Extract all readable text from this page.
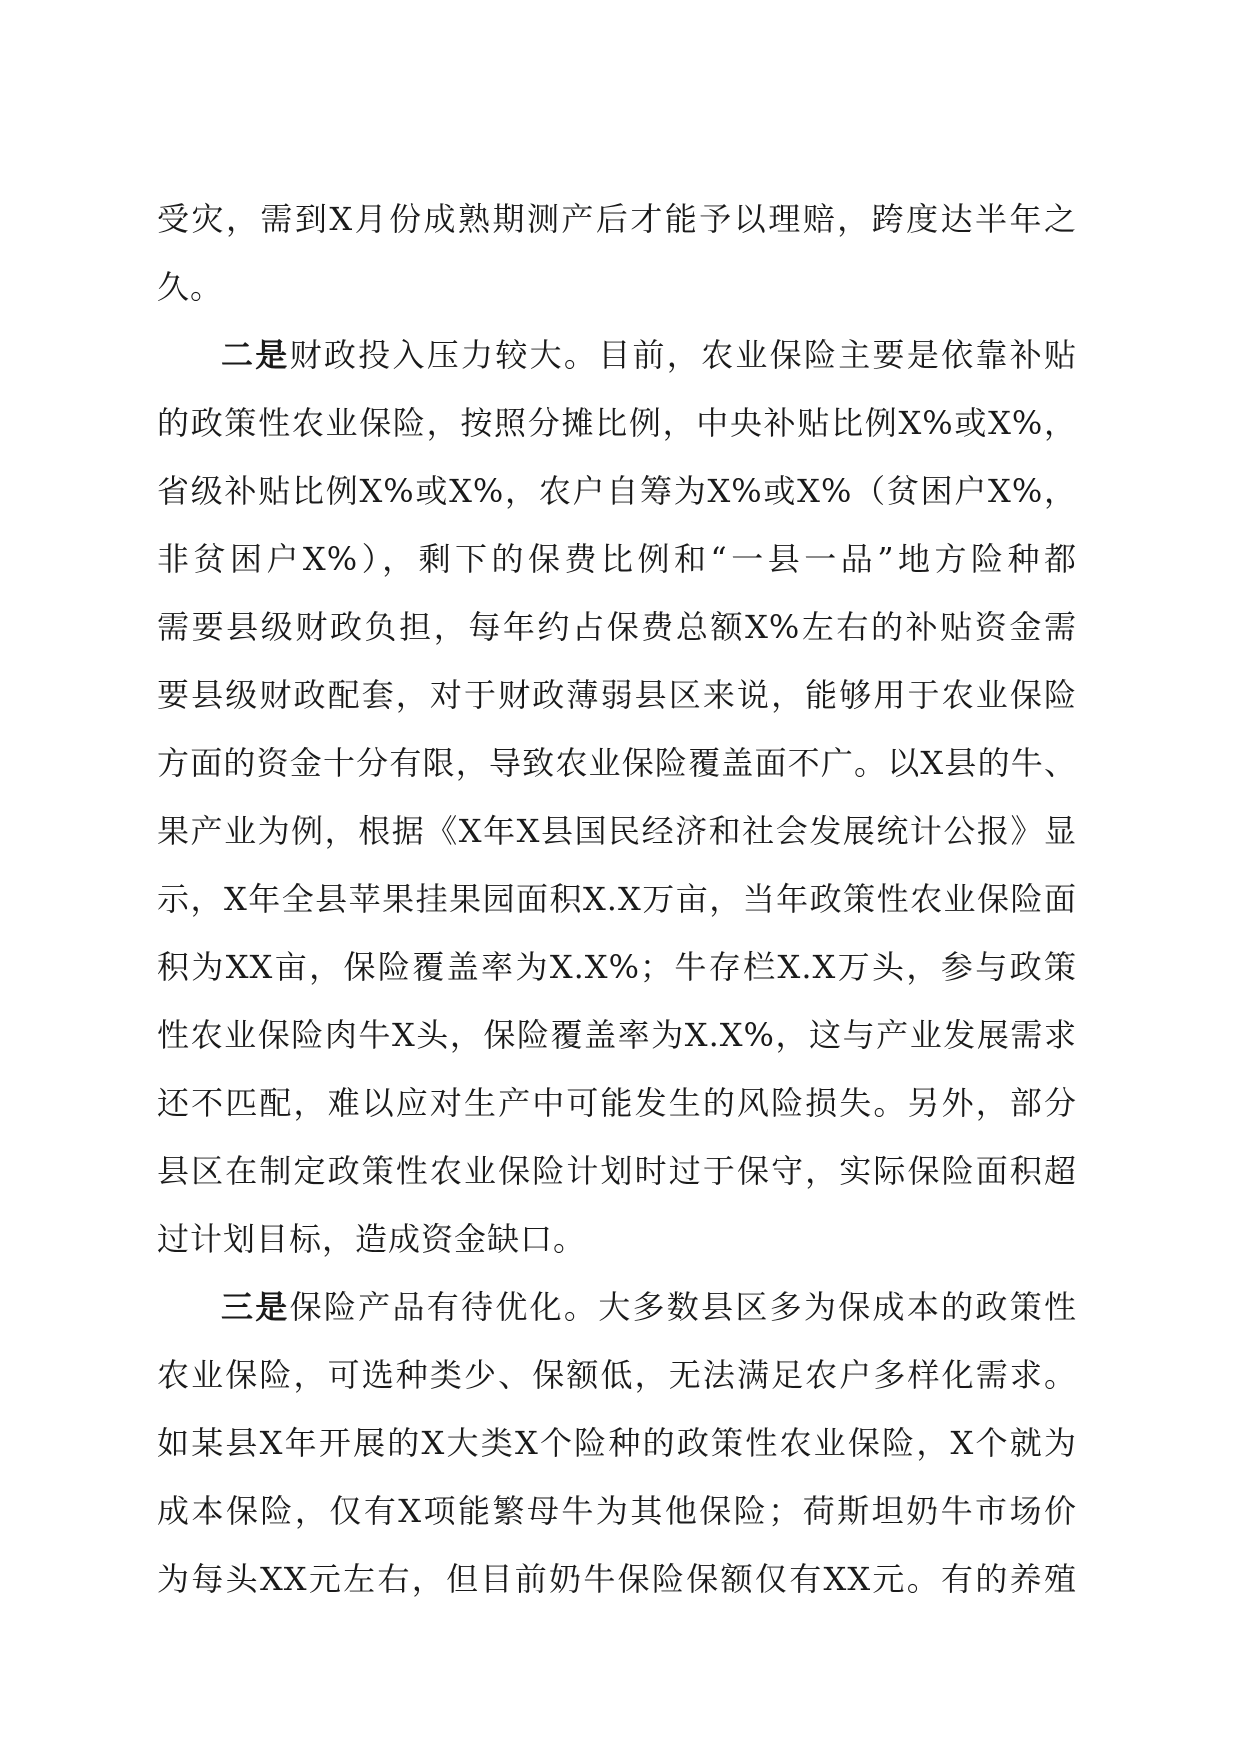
受灾，需到X月份成熟期测产后才能予以理赔，跨度达半年之
久。
二是财政投入压力较大。目前，农业保险主要是依靠补贴
的政策性农业保险，按照分摊比例，中央补贴比例X%或X%，
省级补贴比例X%或X%，农户自筹为X%或X%（贫困户X%，
非贫困户X%），剩下的保费比例和“一县一品”地方险种都
需要县级财政负担，每年约占保费总额X%左右的补贴资金需
要县级财政配套，对于财政薄弱县区来说，能够用于农业保险
方面的资金十分有限，导致农业保险覆盖面不广。以X县的牛、
果产业为例，根据《X年X县国民经济和社会发展统计公报》显
示，X年全县苹果挂果园面积X.X万亩，当年政策性农业保险面
积为XX亩，保险覆盖率为X.X%；牛存栏X.X万头，参与政策
性农业保险肉牛X头，保险覆盖率为X.X%，这与产业发展需求
还不匹配，难以应对生产中可能发生的风险损失。另外，部分
县区在制定政策性农业保险计划时过于保守，实际保险面积超
过计划目标，造成资金缺口。
三是保险产品有待优化。大多数县区多为保成本的政策性
农业保险，可选种类少、保额低，无法满足农户多样化需求。
如某县X年开展的X大类X个险种的政策性农业保险，X个就为
成本保险，仅有X项能繁母牛为其他保险；荷斯坦奶牛市场价
为每头XX元左右，但目前奶牛保险保额仅有XX元。有的养殖
